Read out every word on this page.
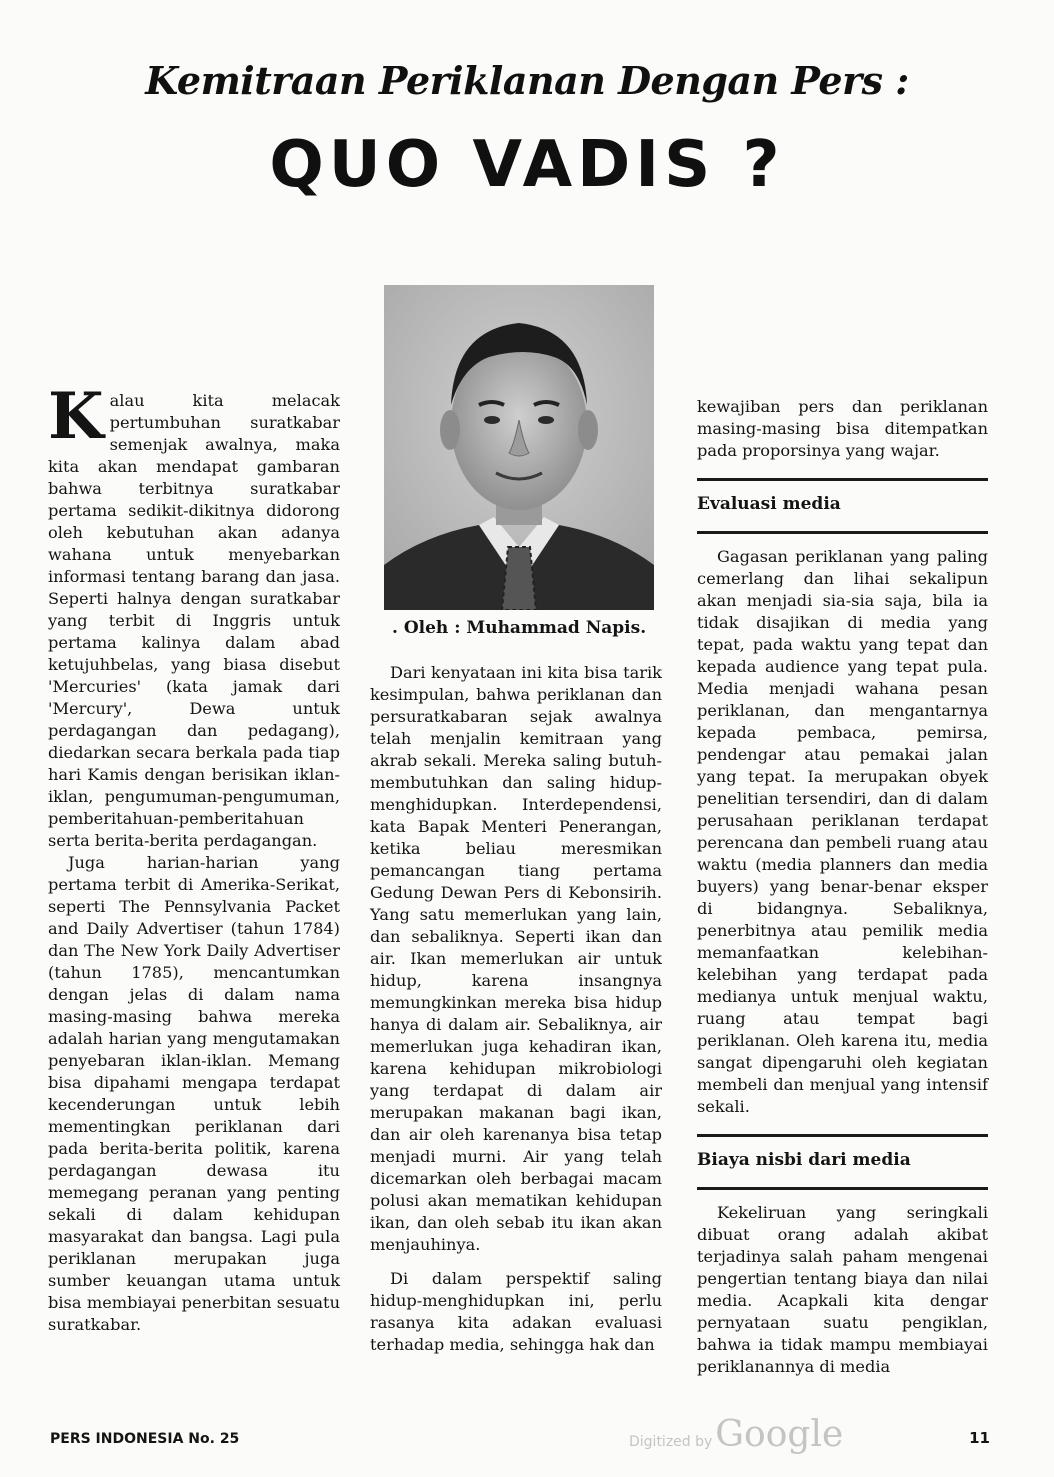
Kemitraan Periklanan Dengan Pers :
QUO VADIS ?

Kalau kita melacak pertumbuhan suratkabar semenjak awalnya, maka kita akan mendapat gambaran bahwa terbitnya suratkabar pertama sedikit-dikitnya didorong oleh kebutuhan akan adanya wahana untuk menyebarkan informasi tentang barang dan jasa. Seperti halnya dengan suratkabar yang terbit di Inggris untuk pertama kalinya dalam abad ketujuhbelas, yang biasa disebut 'Mercuries' (kata jamak dari 'Mercury', Dewa untuk perdagangan dan pedagang), diedarkan secara berkala pada tiap hari Kamis dengan berisikan iklan-iklan, pengumuman-pengumuman, pemberitahuan-pemberitahuan serta berita-berita perdagangan.

Juga harian-harian yang pertama terbit di Amerika-Serikat, seperti The Pennsylvania Packet and Daily Advertiser (tahun 1784) dan The New York Daily Advertiser (tahun 1785), mencantumkan dengan jelas di dalam nama masing-masing bahwa mereka adalah harian yang mengutamakan penyebaran iklan-iklan. Memang bisa dipahami mengapa terdapat kecenderungan untuk lebih mementingkan periklanan dari pada berita-berita politik, karena perdagangan dewasa itu memegang peranan yang penting sekali di dalam kehidupan masyarakat dan bangsa. Lagi pula periklanan merupakan juga sumber keuangan utama untuk bisa membiayai penerbitan sesuatu suratkabar.

. Oleh : Muhammad Napis.

Dari kenyataan ini kita bisa tarik kesimpulan, bahwa periklanan dan persuratkabaran sejak awalnya telah menjalin kemitraan yang akrab sekali. Mereka saling butuh-membutuhkan dan saling hidup-menghidupkan. Interdependensi, kata Bapak Menteri Penerangan, ketika beliau meresmikan pemancangan tiang pertama Gedung Dewan Pers di Kebonsirih. Yang satu memerlukan yang lain, dan sebaliknya. Seperti ikan dan air. Ikan memerlukan air untuk hidup, karena insangnya memungkinkan mereka bisa hidup hanya di dalam air. Sebaliknya, air memerlukan juga kehadiran ikan, karena kehidupan mikrobiologi yang terdapat di dalam air merupakan makanan bagi ikan, dan air oleh karenanya bisa tetap menjadi murni. Air yang telah dicemarkan oleh berbagai macam polusi akan mematikan kehidupan ikan, dan oleh sebab itu ikan akan menjauhinya.

Di dalam perspektif saling hidup-menghidupkan ini, perlu rasanya kita adakan evaluasi terhadap media, sehingga hak dan

kewajiban pers dan periklanan masing-masing bisa ditempatkan pada proporsinya yang wajar.

Evaluasi media

Gagasan periklanan yang paling cemerlang dan lihai sekalipun akan menjadi sia-sia saja, bila ia tidak disajikan di media yang tepat, pada waktu yang tepat dan kepada audience yang tepat pula. Media menjadi wahana pesan periklanan, dan mengantarnya kepada pembaca, pemirsa, pendengar atau pemakai jalan yang tepat. Ia merupakan obyek penelitian tersendiri, dan di dalam perusahaan periklanan terdapat perencana dan pembeli ruang atau waktu (media planners dan media buyers) yang benar-benar eksper di bidangnya. Sebaliknya, penerbitnya atau pemilik media memanfaatkan kelebihan-kelebihan yang terdapat pada medianya untuk menjual waktu, ruang atau tempat bagi periklanan. Oleh karena itu, media sangat dipengaruhi oleh kegiatan membeli dan menjual yang intensif sekali.

Biaya nisbi dari media

Kekeliruan yang seringkali dibuat orang adalah akibat terjadinya salah paham mengenai pengertian tentang biaya dan nilai media. Acapkali kita dengar pernyataan suatu pengiklan, bahwa ia tidak mampu membiayai periklanannya di media

PERS INDONESIA No. 25	Digitized byGoogle	11
